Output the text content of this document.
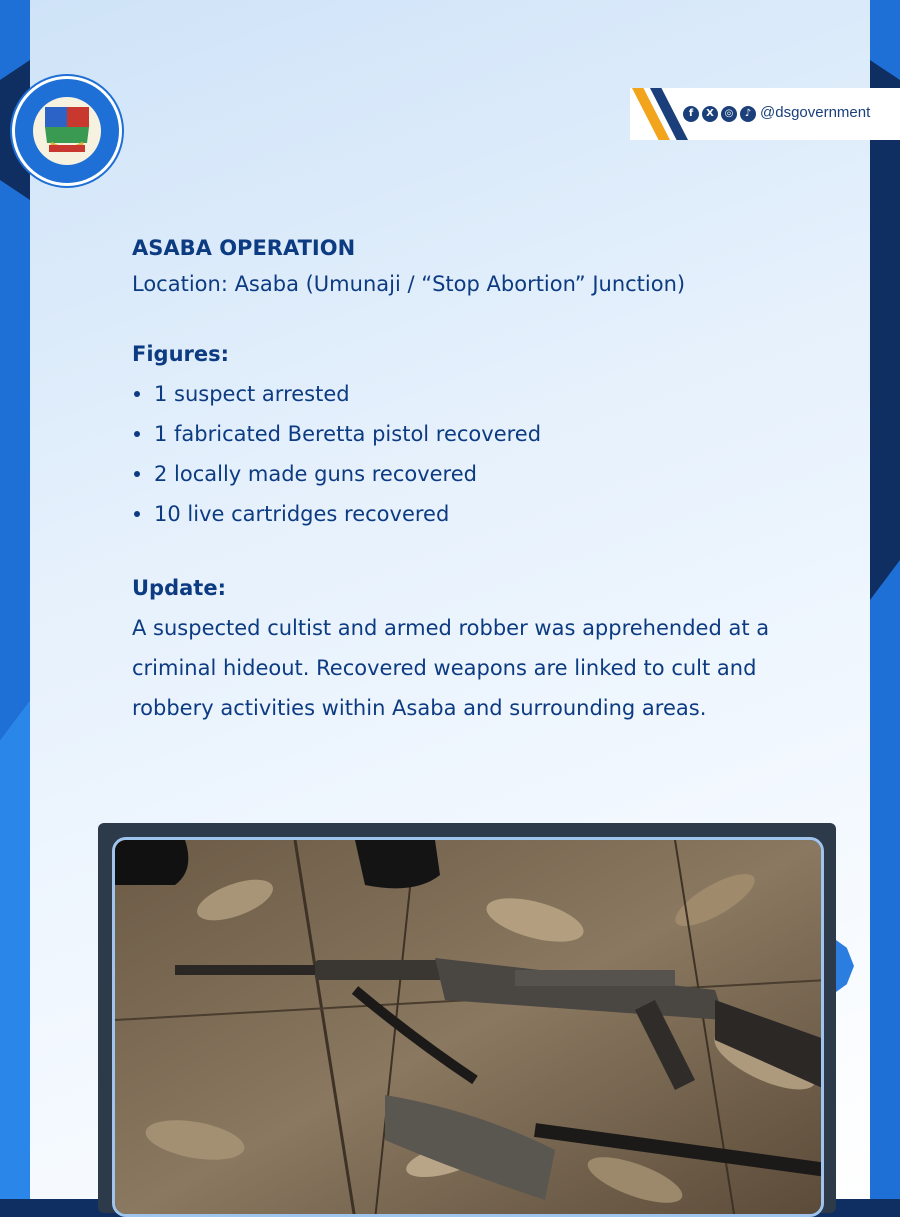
f	X	◎	♪ @dsgovernment

ASABA OPERATION

Location: Asaba (Umunaji / “Stop Abortion” Junction)

Figures:

1 suspect arrested
1 fabricated Beretta pistol recovered
2 locally made guns recovered
10 live cartridges recovered

Update:

A suspected cultist and armed robber was apprehended at a criminal hideout. Recovered weapons are linked to cult and robbery activities within Asaba and surrounding areas.
